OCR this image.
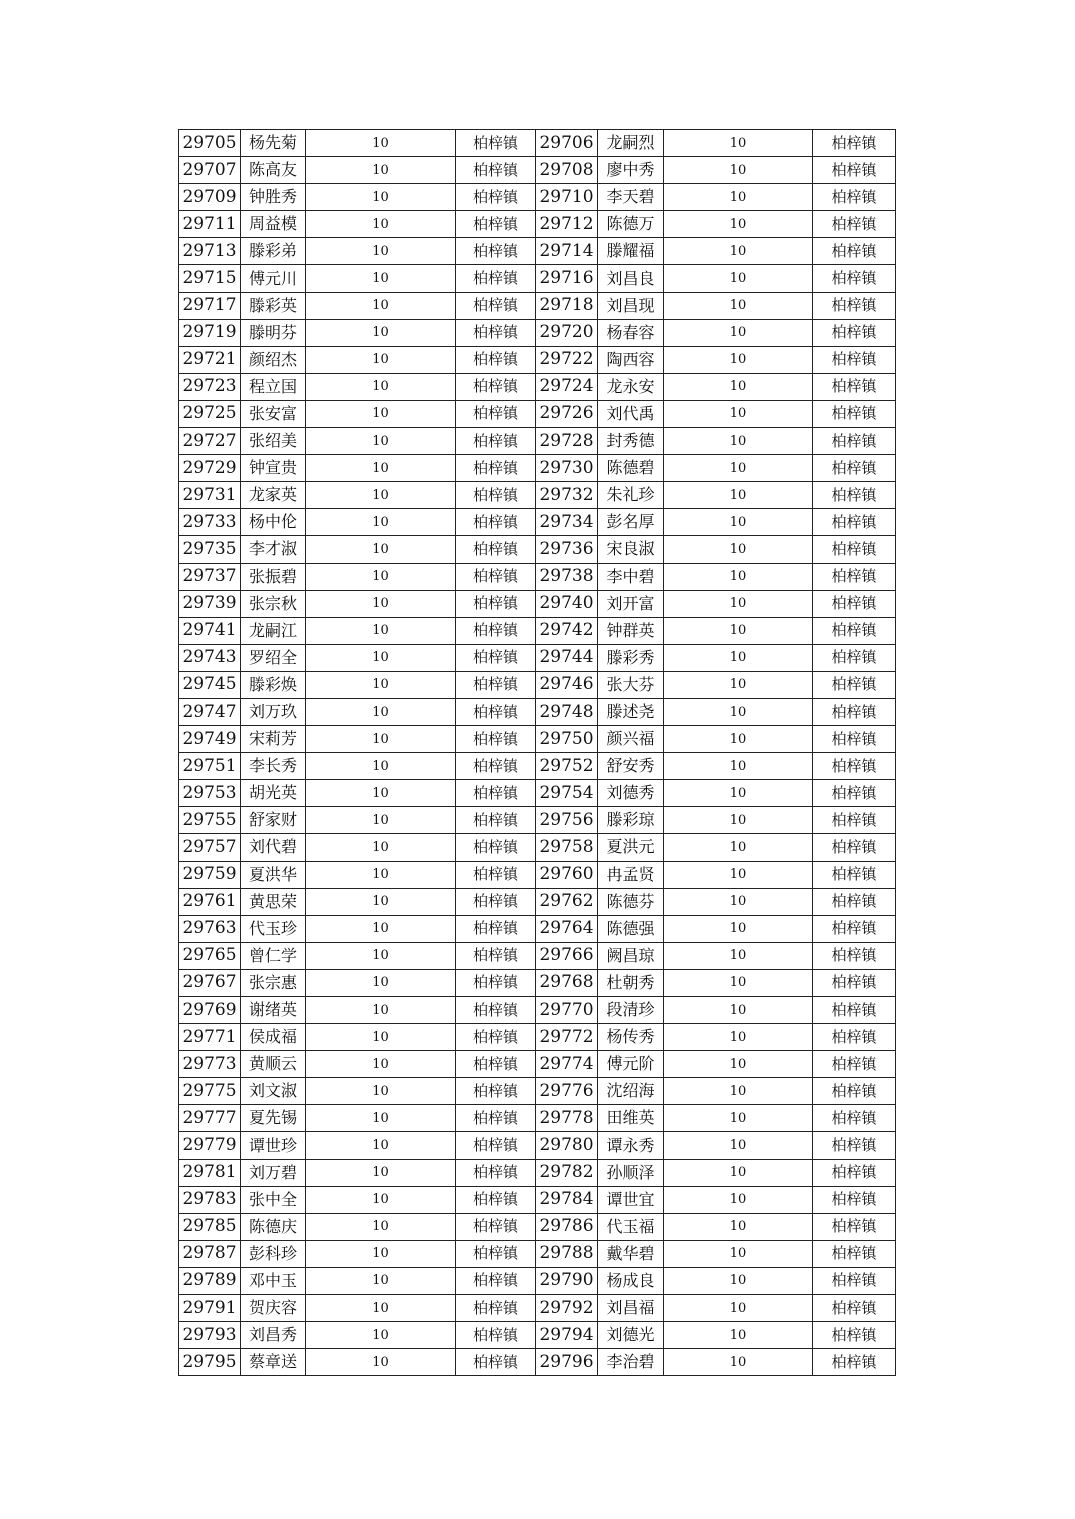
29705	杨先菊	10	柏梓镇	29706	龙嗣烈	10	柏梓镇
29707	陈高友	10	柏梓镇	29708	廖中秀	10	柏梓镇
29709	钟胜秀	10	柏梓镇	29710	李天碧	10	柏梓镇
29711	周益模	10	柏梓镇	29712	陈德万	10	柏梓镇
29713	滕彩弟	10	柏梓镇	29714	滕耀福	10	柏梓镇
29715	傅元川	10	柏梓镇	29716	刘昌良	10	柏梓镇
29717	滕彩英	10	柏梓镇	29718	刘昌现	10	柏梓镇
29719	滕明芬	10	柏梓镇	29720	杨春容	10	柏梓镇
29721	颜绍杰	10	柏梓镇	29722	陶西容	10	柏梓镇
29723	程立国	10	柏梓镇	29724	龙永安	10	柏梓镇
29725	张安富	10	柏梓镇	29726	刘代禹	10	柏梓镇
29727	张绍美	10	柏梓镇	29728	封秀德	10	柏梓镇
29729	钟宣贵	10	柏梓镇	29730	陈德碧	10	柏梓镇
29731	龙家英	10	柏梓镇	29732	朱礼珍	10	柏梓镇
29733	杨中伦	10	柏梓镇	29734	彭名厚	10	柏梓镇
29735	李才淑	10	柏梓镇	29736	宋良淑	10	柏梓镇
29737	张振碧	10	柏梓镇	29738	李中碧	10	柏梓镇
29739	张宗秋	10	柏梓镇	29740	刘开富	10	柏梓镇
29741	龙嗣江	10	柏梓镇	29742	钟群英	10	柏梓镇
29743	罗绍全	10	柏梓镇	29744	滕彩秀	10	柏梓镇
29745	滕彩焕	10	柏梓镇	29746	张大芬	10	柏梓镇
29747	刘万玖	10	柏梓镇	29748	滕述尧	10	柏梓镇
29749	宋莉芳	10	柏梓镇	29750	颜兴福	10	柏梓镇
29751	李长秀	10	柏梓镇	29752	舒安秀	10	柏梓镇
29753	胡光英	10	柏梓镇	29754	刘德秀	10	柏梓镇
29755	舒家财	10	柏梓镇	29756	滕彩琼	10	柏梓镇
29757	刘代碧	10	柏梓镇	29758	夏洪元	10	柏梓镇
29759	夏洪华	10	柏梓镇	29760	冉孟贤	10	柏梓镇
29761	黄思荣	10	柏梓镇	29762	陈德芬	10	柏梓镇
29763	代玉珍	10	柏梓镇	29764	陈德强	10	柏梓镇
29765	曾仁学	10	柏梓镇	29766	阙昌琼	10	柏梓镇
29767	张宗惠	10	柏梓镇	29768	杜朝秀	10	柏梓镇
29769	谢绪英	10	柏梓镇	29770	段清珍	10	柏梓镇
29771	侯成福	10	柏梓镇	29772	杨传秀	10	柏梓镇
29773	黄顺云	10	柏梓镇	29774	傅元阶	10	柏梓镇
29775	刘文淑	10	柏梓镇	29776	沈绍海	10	柏梓镇
29777	夏先锡	10	柏梓镇	29778	田维英	10	柏梓镇
29779	谭世珍	10	柏梓镇	29780	谭永秀	10	柏梓镇
29781	刘万碧	10	柏梓镇	29782	孙顺泽	10	柏梓镇
29783	张中全	10	柏梓镇	29784	谭世宜	10	柏梓镇
29785	陈德庆	10	柏梓镇	29786	代玉福	10	柏梓镇
29787	彭科珍	10	柏梓镇	29788	戴华碧	10	柏梓镇
29789	邓中玉	10	柏梓镇	29790	杨成良	10	柏梓镇
29791	贺庆容	10	柏梓镇	29792	刘昌福	10	柏梓镇
29793	刘昌秀	10	柏梓镇	29794	刘德光	10	柏梓镇
29795	蔡章送	10	柏梓镇	29796	李治碧	10	柏梓镇
